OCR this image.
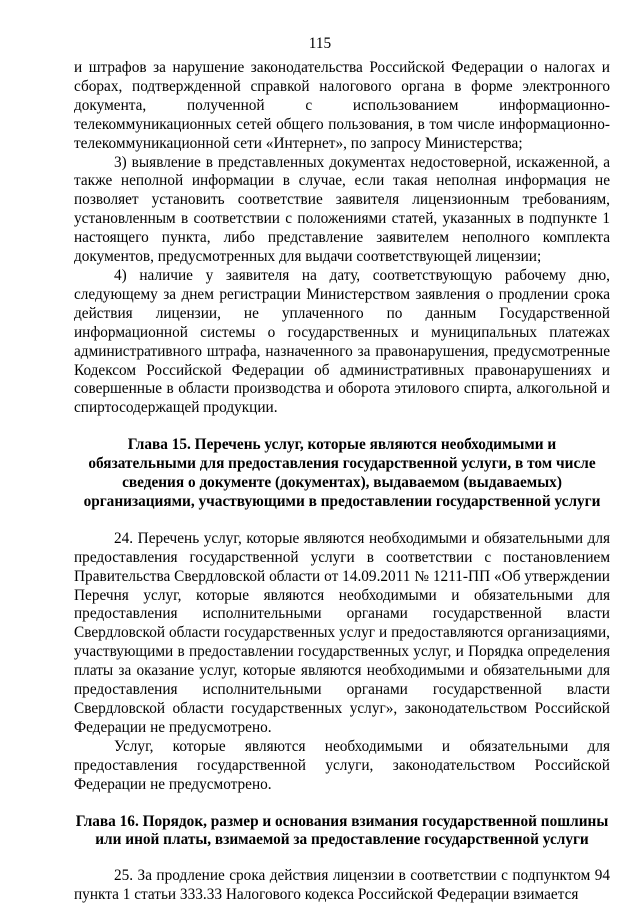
115

и штрафов за нарушение законодательства Российской Федерации о налогах и сборах, подтвержденной справкой налогового органа в форме электронного документа, полученной с использованием информационно-телекоммуникационных сетей общего пользования, в том числе информационно-телекоммуникационной сети «Интернет», по запросу Министерства;

3) выявление в представленных документах недостоверной, искаженной, а также неполной информации в случае, если такая неполная информация не позволяет установить соответствие заявителя лицензионным требованиям, установленным в соответствии с положениями статей, указанных в подпункте 1 настоящего пункта, либо представление заявителем неполного комплекта документов, предусмотренных для выдачи соответствующей лицензии;

4) наличие у заявителя на дату, соответствующую рабочему дню, следующему за днем регистрации Министерством заявления о продлении срока действия лицензии, не уплаченного по данным Государственной информационной системы о государственных и муниципальных платежах административного штрафа, назначенного за правонарушения, предусмотренные Кодексом Российской Федерации об административных правонарушениях и совершенные в области производства и оборота этилового спирта, алкогольной и спиртосодержащей продукции.

Глава 15. Перечень услуг, которые являются необходимыми и обязательными для предоставления государственной услуги, в том числе сведения о документе (документах), выдаваемом (выдаваемых) организациями, участвующими в предоставлении государственной услуги

24. Перечень услуг, которые являются необходимыми и обязательными для предоставления государственной услуги в соответствии с постановлением Правительства Свердловской области от 14.09.2011 № 1211-ПП «Об утверждении Перечня услуг, которые являются необходимыми и обязательными для предоставления исполнительными органами государственной власти Свердловской области государственных услуг и предоставляются организациями, участвующими в предоставлении государственных услуг, и Порядка определения платы за оказание услуг, которые являются необходимыми и обязательными для предоставления исполнительными органами государственной власти Свердловской области государственных услуг», законодательством Российской Федерации не предусмотрено.

Услуг, которые являются необходимыми и обязательными для предоставления государственной услуги, законодательством Российской Федерации не предусмотрено.

Глава 16. Порядок, размер и основания взимания государственной пошлины или иной платы, взимаемой за предоставление государственной услуги

25. За продление срока действия лицензии в соответствии с подпунктом 94 пункта 1 статьи 333.33 Налогового кодекса Российской Федерации взимается
